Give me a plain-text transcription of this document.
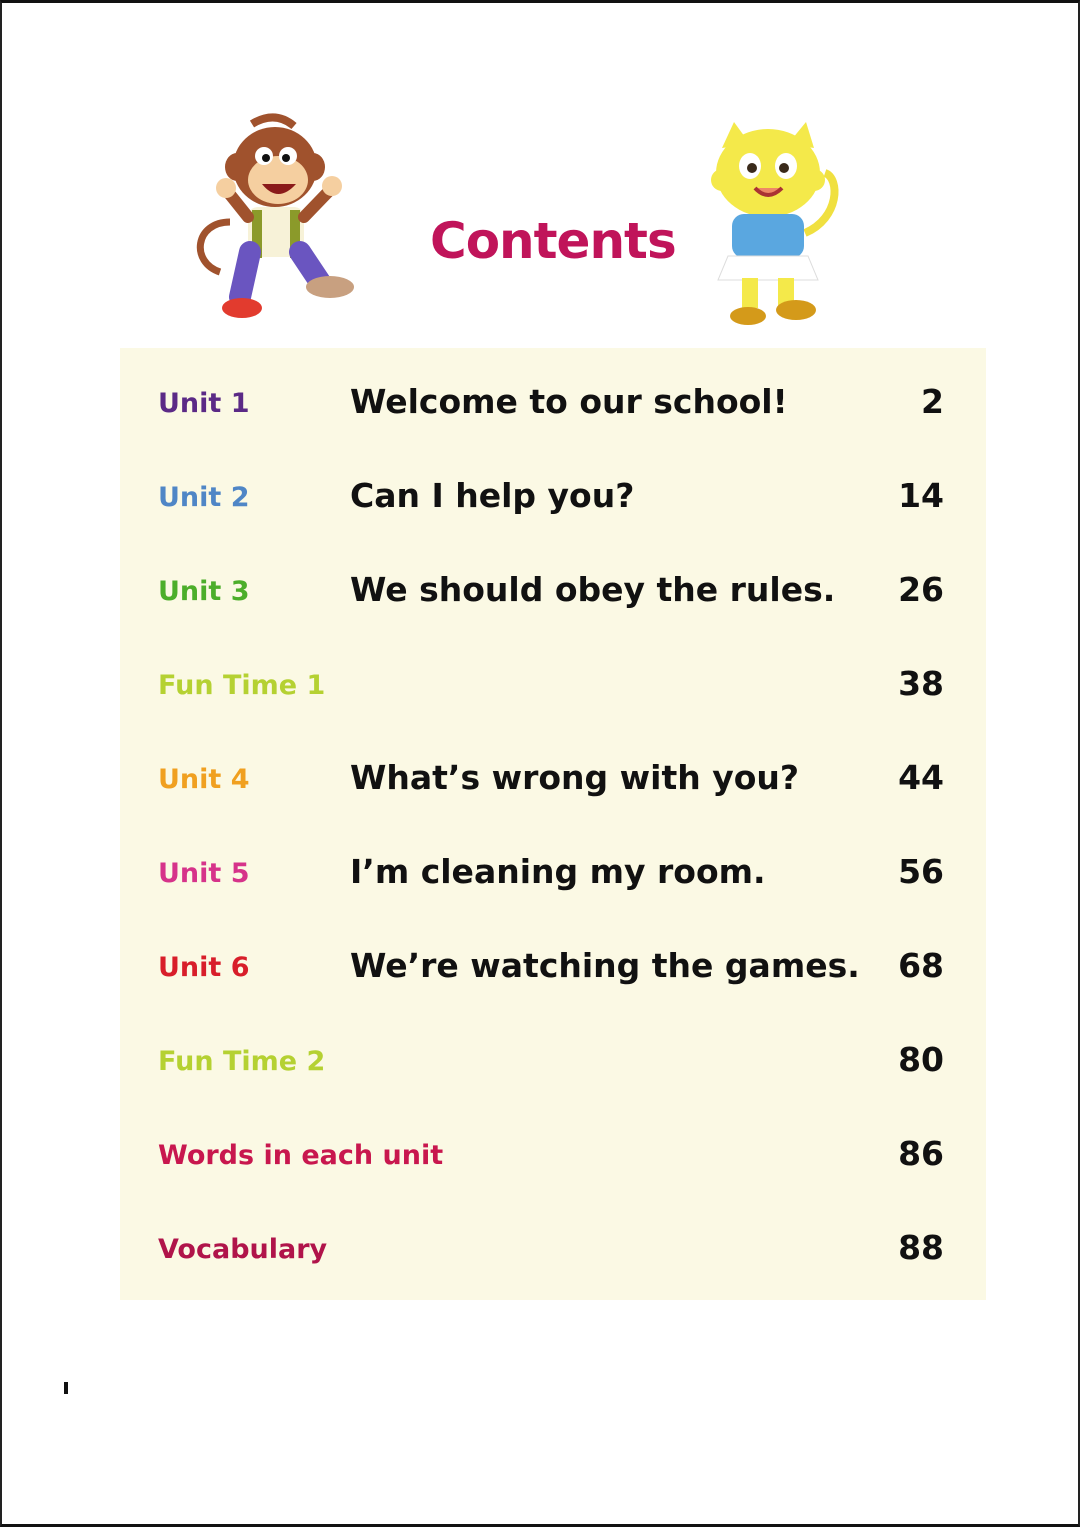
Contents
Unit 1	Welcome to our school!	2
Unit 2	Can I help you?	14
Unit 3	We should obey the rules. 26
Fun Time 1	38
Unit 4	What’s wrong with you?	44
Unit 5	I’m cleaning my room.	56
Unit 6	We’re watching the games. 68
Fun Time 2	80
Words in each unit	86
Vocabulary	88
